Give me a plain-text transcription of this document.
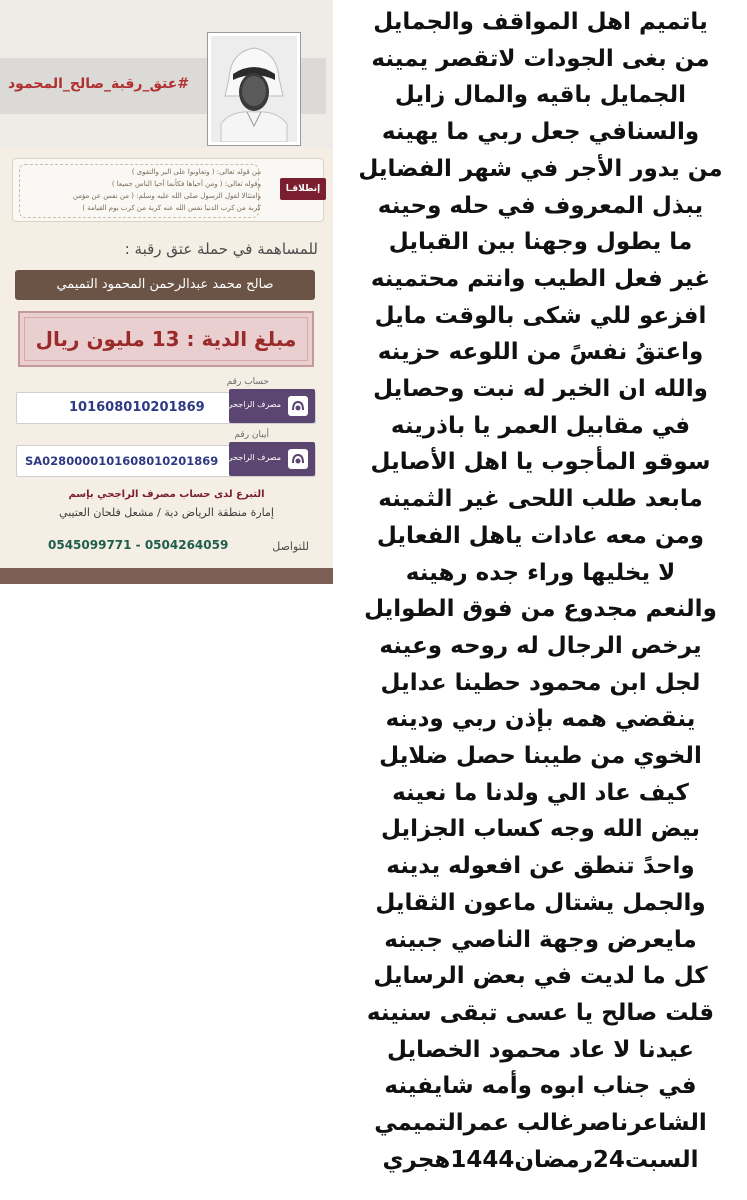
#عتق_رقبة_صالح_المحمود
من قوله تعالى: ( وتعاونوا على البر والتقوى )
وقوله تعالى: ( ومن أحياها فكأنما أحيا الناس جميعا )
وامتثالا لقول الرسول صلى الله عليه وسلم: ( من نفس عن مؤمن
كربة من كرب الدنيا نفس الله عنه كربة من كرب يوم القيامة )
إنطلاقـا
للمساهمة في حملة عتق رقبة :
صالح محمد عبدالرحمن المحمود التميمي
مبلغ الدية : 13 مليون ريال
حساب رقم
101608010201869	مصرف الراجحي
أيبان رقم
SA0280000101608010201869 مصرف الراجحي
التبرع لدى حساب مصرف الراجحي بإسم
إمارة منطقة الرياض دية / مشعل فلحان العتيبي
للتواصل
0545099771 - 0504264059
ياتميم اهل المواقف والجمايل
من بغى الجودات لاتقصر يمينه
الجمايل باقيه والمال زايل
والسنافي جعل ربي ما يهينه
من يدور الأجر في شهر الفضايل
يبذل المعروف في حله وحينه
ما يطول وجهنا بين القبايل
غير فعل الطيب وانتم محتمينه
افزعو للي شكى بالوقت مايل
واعتقُ نفسً من اللوعه حزينه
والله ان الخير له نبت وحصايل
في مقابيل العمر يا باذرينه
سوقو المأجوب يا اهل الأصايل
مابعد طلب اللحى غير الثمينه
ومن معه عادات ياهل الفعايل
لا يخليها وراء جده رهينه
والنعم مجدوع من فوق الطوايل
يرخص الرجال له روحه وعينه
لجل ابن محمود حطينا عدايل
ينقضي همه بإذن ربي ودينه
الخوي من طيبنا حصل ضلايل
كيف عاد الي ولدنا ما نعينه
بيض الله وجه كساب الجزايل
واحدً تنطق عن افعوله يدينه
والجمل يشتال ماعون الثقايل
مايعرض وجهة الناصي جبينه
كل ما لديت في بعض الرسايل
قلت صالح يا عسى تبقى سنينه
عيدنا لا عاد محمود الخصايل
في جناب ابوه وأمه شايفينه
الشاعرناصرغالب عمرالتميمي
السبت24رمضان1444هجري
